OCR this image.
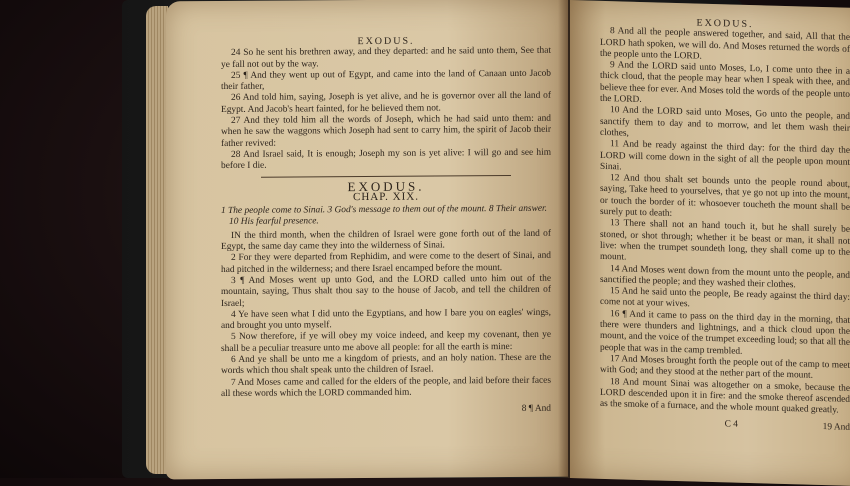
EXODUS.

24 So he sent his brethren away, and they departed: and he said unto them, See that ye fall not out by the way.

25 ¶ And they went up out of Egypt, and came into the land of Canaan unto Jacob their father,

26 And told him, saying, Joseph is yet alive, and he is governor over all the land of Egypt. And Jacob's heart fainted, for he believed them not.

27 And they told him all the words of Joseph, which he had said unto them: and when he saw the waggons which Joseph had sent to carry him, the spirit of Jacob their father revived:

28 And Israel said, It is enough; Joseph my son is yet alive: I will go and see him before I die.

EXODUS.
CHAP. XIX.

1 The people come to Sinai. 3 God's message to them out of the mount. 8 Their answer. 10 His fearful presence.

IN the third month, when the children of Israel were gone forth out of the land of Egypt, the same day came they into the wilderness of Sinai.

2 For they were departed from Rephidim, and were come to the desert of Sinai, and had pitched in the wilderness; and there Israel encamped before the mount.

3 ¶ And Moses went up unto God, and the LORD called unto him out of the mountain, saying, Thus shalt thou say to the house of Jacob, and tell the children of Israel;

4 Ye have seen what I did unto the Egyptians, and how I bare you on eagles' wings, and brought you unto myself.

5 Now therefore, if ye will obey my voice indeed, and keep my covenant, then ye shall be a peculiar treasure unto me above all people: for all the earth is mine:

6 And ye shall be unto me a kingdom of priests, and an holy nation. These are the words which thou shalt speak unto the children of Israel.

7 And Moses came and called for the elders of the people, and laid before their faces all these words which the LORD commanded him.

8 ¶ And
EXODUS.

8 And all the people answered together, and said, All that the LORD hath spoken, we will do. And Moses returned the words of the people unto the LORD.

9 And the LORD said unto Moses, Lo, I come unto thee in a thick cloud, that the people may hear when I speak with thee, and believe thee for ever. And Moses told the words of the people unto the LORD.

10 And the LORD said unto Moses, Go unto the people, and sanctify them to day and to morrow, and let them wash their clothes,

11 And be ready against the third day: for the third day the LORD will come down in the sight of all the people upon mount Sinai.

12 And thou shalt set bounds unto the people round about, saying, Take heed to yourselves, that ye go not up into the mount, or touch the border of it: whosoever toucheth the mount shall be surely put to death:

13 There shall not an hand touch it, but he shall surely be stoned, or shot through; whether it be beast or man, it shall not live: when the trumpet soundeth long, they shall come up to the mount.

14 And Moses went down from the mount unto the people, and sanctified the people; and they washed their clothes.

15 And he said unto the people, Be ready against the third day: come not at your wives.

16 ¶ And it came to pass on the third day in the morning, that there were thunders and lightnings, and a thick cloud upon the mount, and the voice of the trumpet exceeding loud; so that all the people that was in the camp trembled.

17 And Moses brought forth the people out of the camp to meet with God; and they stood at the nether part of the mount.

18 And mount Sinai was altogether on a smoke, because the LORD descended upon it in fire: and the smoke thereof ascended as the smoke of a furnace, and the whole mount quaked greatly.

C 4	19 And
